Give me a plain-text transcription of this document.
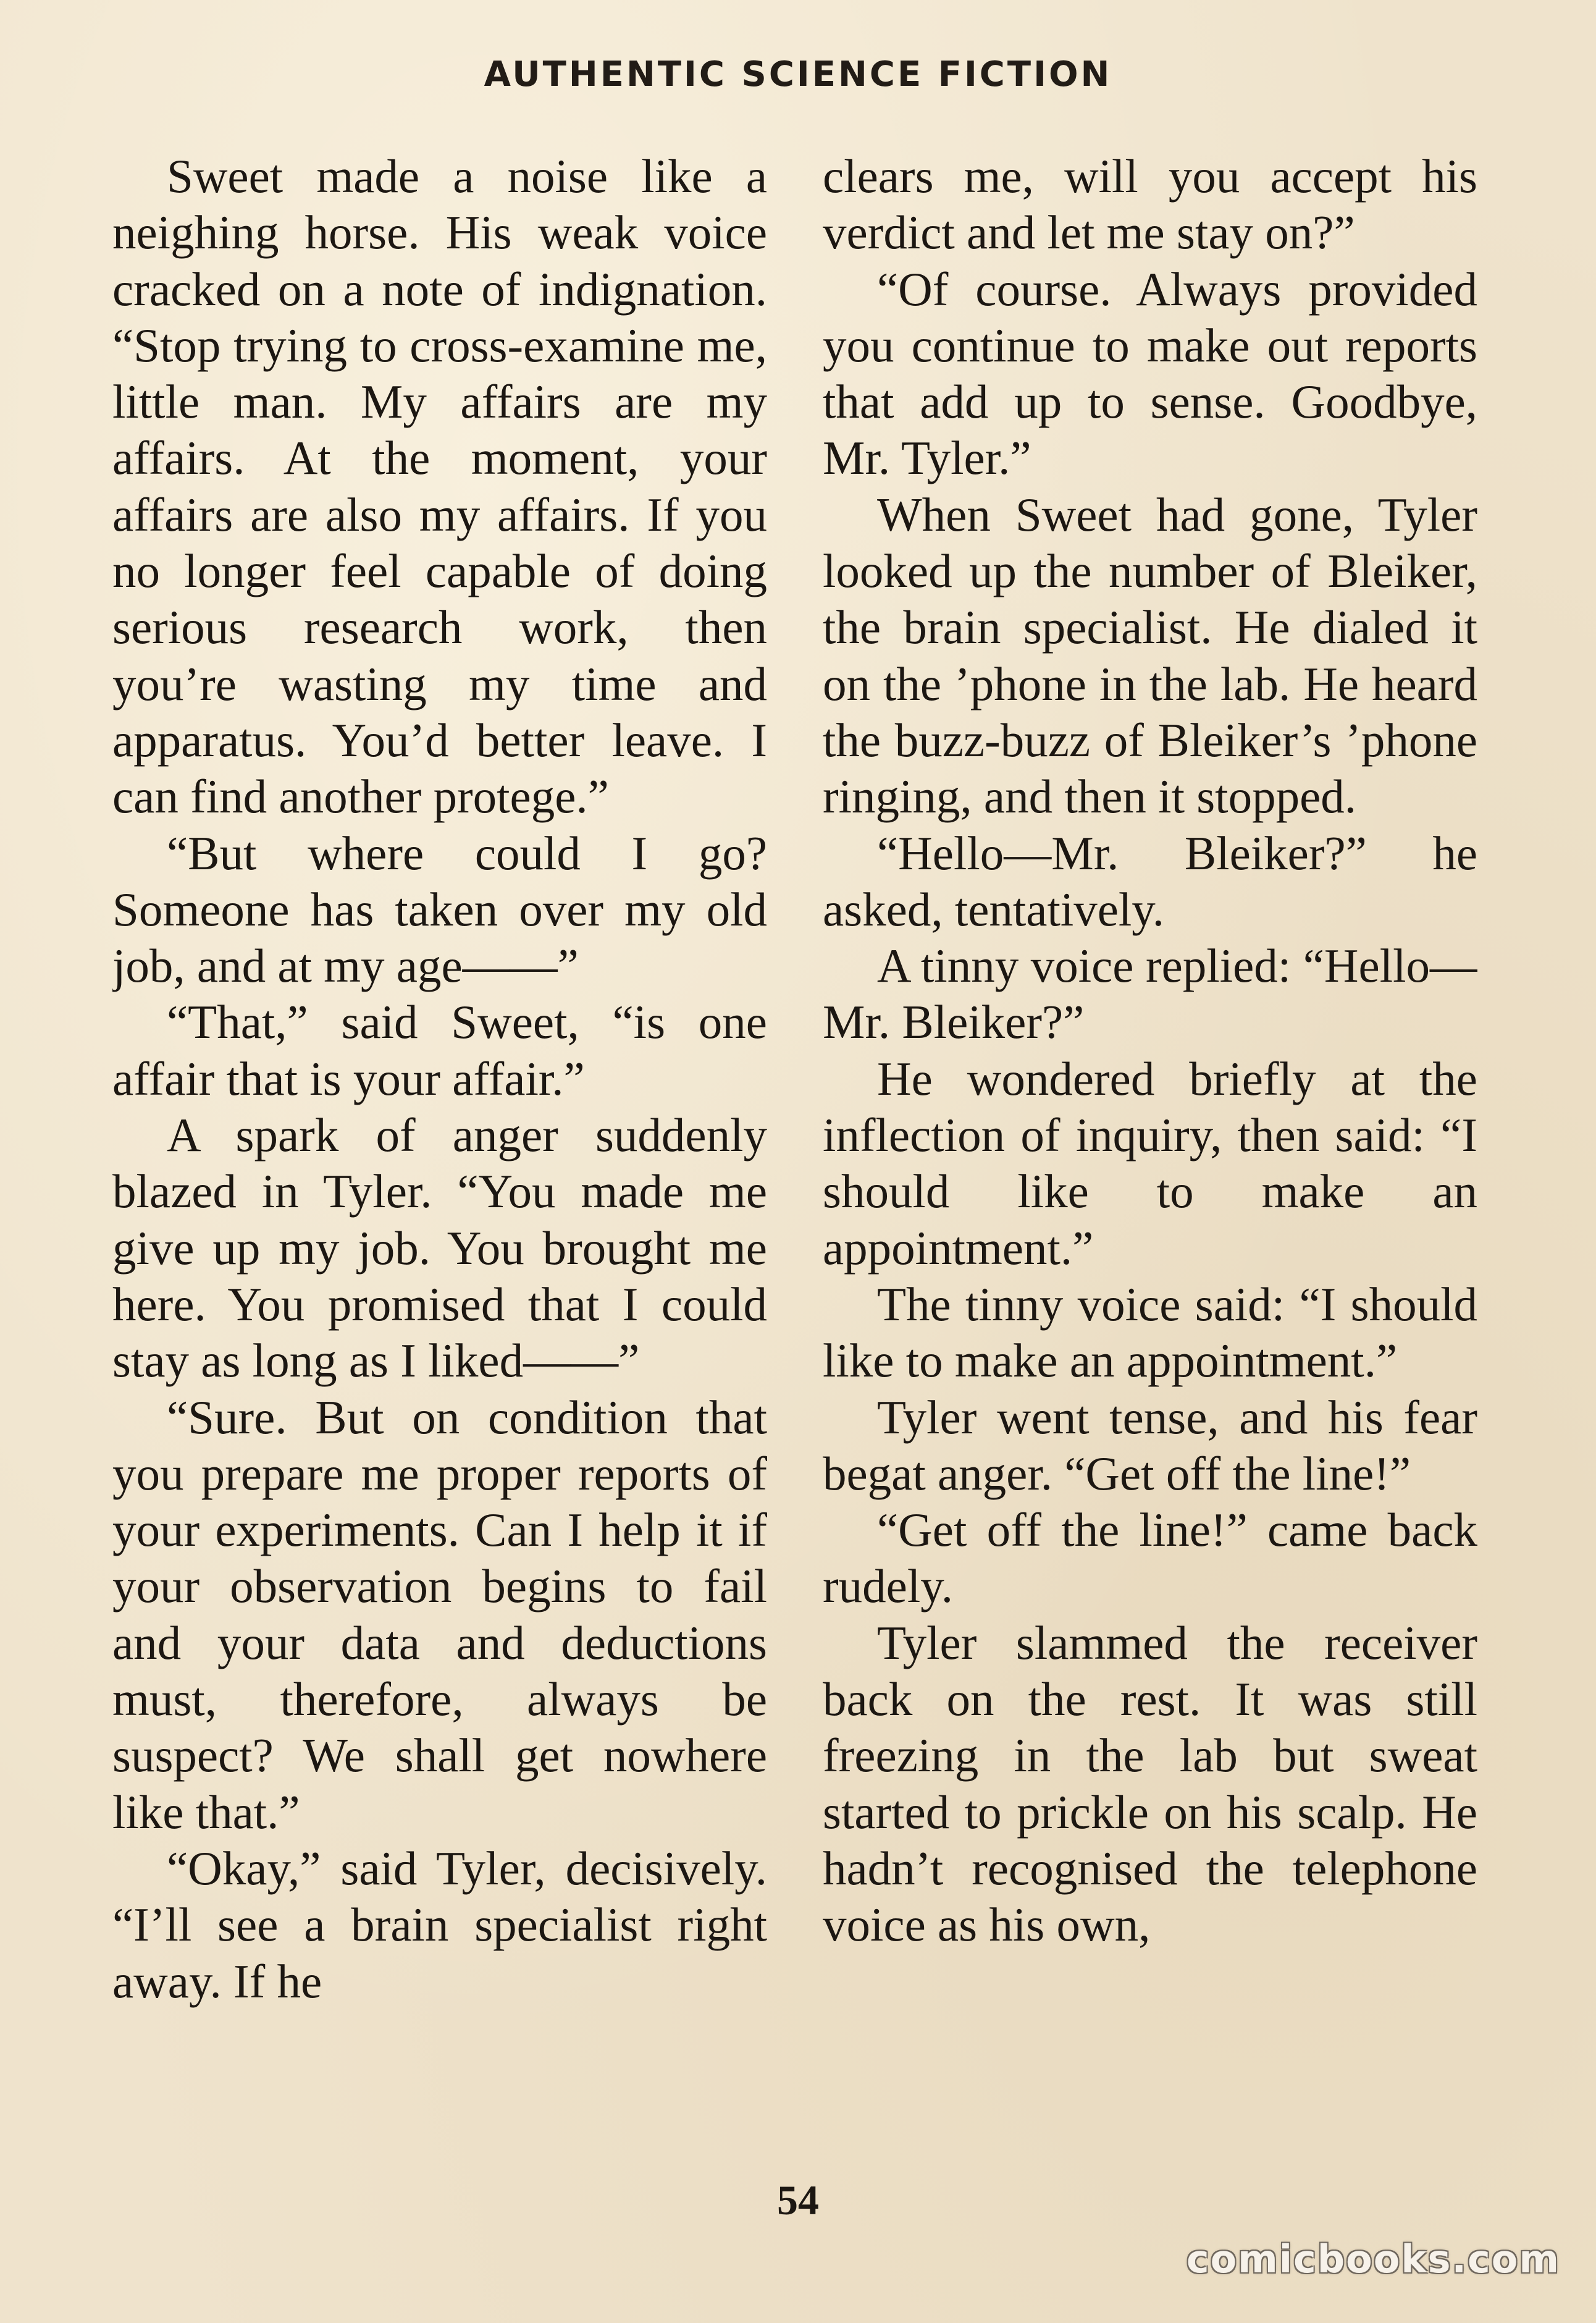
AUTHENTIC SCIENCE FICTION

Sweet made a noise like a neighing horse. His weak voice cracked on a note of indignation. “Stop trying to cross-examine me, little man. My affairs are my affairs. At the moment, your affairs are also my affairs. If you no longer feel capable of doing serious research work, then you’re wasting my time and apparatus. You’d better leave. I can find another protege.”

“But where could I go? Someone has taken over my old job, and at my age——”

“That,” said Sweet, “is one affair that is your affair.”

A spark of anger suddenly blazed in Tyler. “You made me give up my job. You brought me here. You promised that I could stay as long as I liked——”

“Sure. But on condition that you prepare me proper reports of your experiments. Can I help it if your observation begins to fail and your data and deductions must, therefore, always be suspect? We shall get nowhere like that.”

“Okay,” said Tyler, decisively. “I’ll see a brain specialist right away. If he

clears me, will you accept his verdict and let me stay on?”

“Of course. Always provided you continue to make out reports that add up to sense. Goodbye, Mr. Tyler.”

When Sweet had gone, Tyler looked up the number of Bleiker, the brain specialist. He dialed it on the ’phone in the lab. He heard the buzz-buzz of Bleiker’s ’phone ringing, and then it stopped.

“Hello—Mr. Bleiker?” he asked, tentatively.

A tinny voice replied: “Hello—Mr. Bleiker?”

He wondered briefly at the inflection of inquiry, then said: “I should like to make an appointment.”

The tinny voice said: “I should like to make an appointment.”

Tyler went tense, and his fear begat anger. “Get off the line!”

“Get off the line!” came back rudely.

Tyler slammed the receiver back on the rest. It was still freezing in the lab but sweat started to prickle on his scalp. He hadn’t recognised the telephone voice as his own,

54
comicbooks.com
